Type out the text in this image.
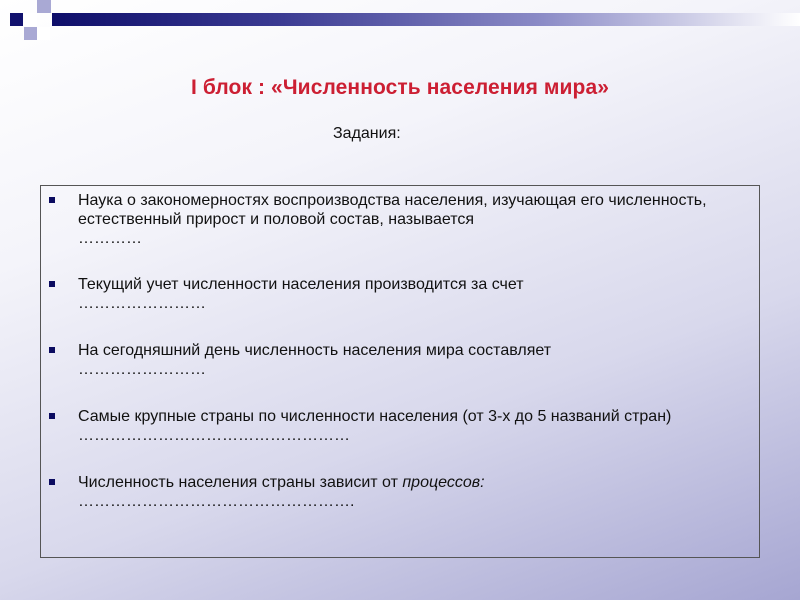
I блок : «Численность населения мира»
Задания:
Наука о закономерностях воспроизводства населения, изучающая его численность, естественный прирост и половой состав, называется
…………
Текущий учет численности населения производится за счет
……………………
На сегодняшний день численность населения мира составляет
……………………
Самые крупные страны по численности населения (от 3-х до 5 названий стран) ……………………………………………
Численность населения страны зависит от процессов:
…………………………………………….
